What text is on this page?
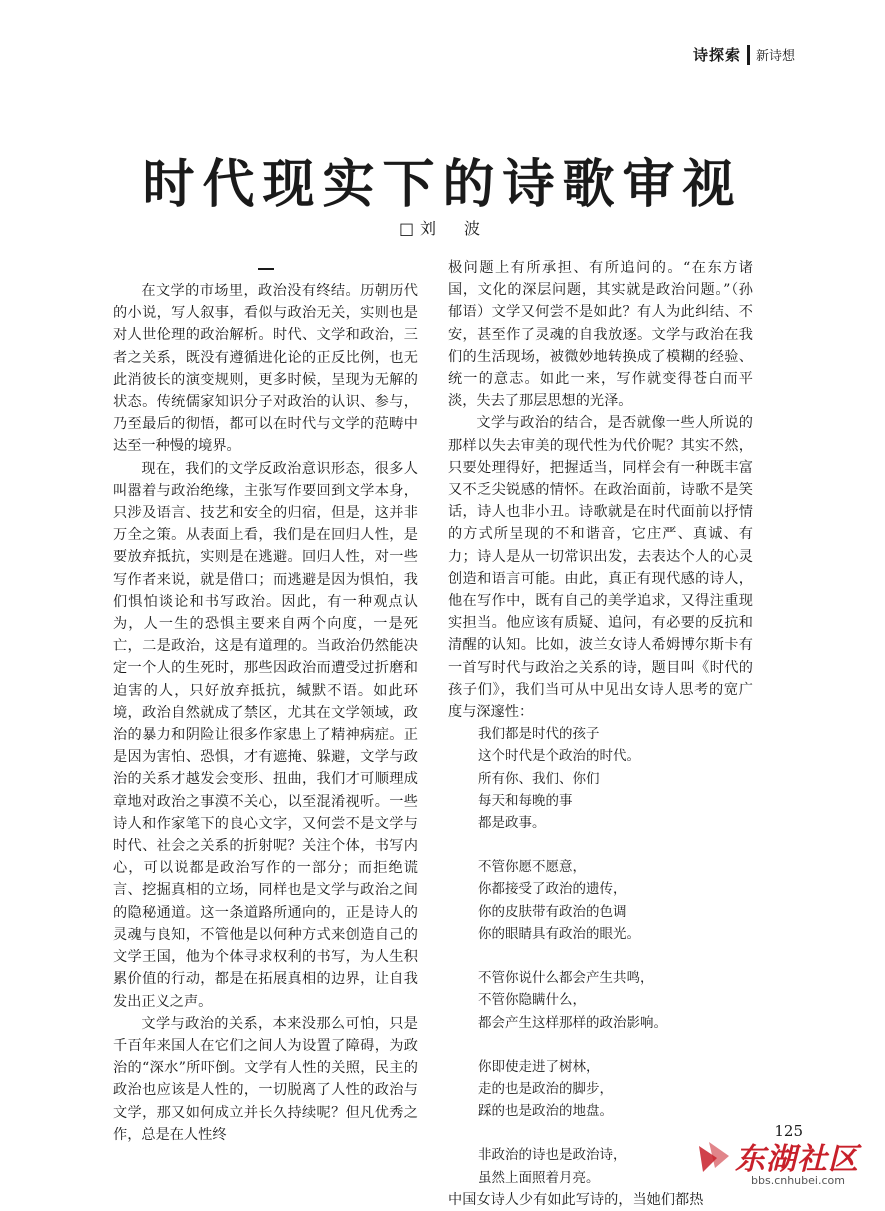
诗探索 新诗想
时代现实下的诗歌审视
□刘　波

在文学的市场里，政治没有终结。历朝历代的小说，写人叙事，看似与政治无关，实则也是对人世伦理的政治解析。时代、文学和政治，三者之关系，既没有遵循进化论的正反比例，也无此消彼长的演变规则，更多时候，呈现为无解的状态。传统儒家知识分子对政治的认识、参与，乃至最后的彻悟，都可以在时代与文学的范畴中达至一种慢的境界。

现在，我们的文学反政治意识形态，很多人叫嚣着与政治绝缘，主张写作要回到文学本身，只涉及语言、技艺和安全的归宿，但是，这并非万全之策。从表面上看，我们是在回归人性，是要放弃抵抗，实则是在逃避。回归人性，对一些写作者来说，就是借口；而逃避是因为惧怕，我们惧怕谈论和书写政治。因此，有一种观点认为，人一生的恐惧主要来自两个向度，一是死亡，二是政治，这是有道理的。当政治仍然能决定一个人的生死时，那些因政治而遭受过折磨和迫害的人，只好放弃抵抗，缄默不语。如此环境，政治自然就成了禁区，尤其在文学领域，政治的暴力和阴险让很多作家患上了精神病症。正是因为害怕、恐惧，才有遮掩、躲避，文学与政治的关系才越发会变形、扭曲，我们才可顺理成章地对政治之事漠不关心，以至混淆视听。一些诗人和作家笔下的良心文字，又何尝不是文学与时代、社会之关系的折射呢？关注个体，书写内心，可以说都是政治写作的一部分；而拒绝谎言、挖掘真相的立场，同样也是文学与政治之间的隐秘通道。这一条道路所通向的，正是诗人的灵魂与良知，不管他是以何种方式来创造自己的文学王国，他为个体寻求权利的书写，为人生积累价值的行动，都是在拓展真相的边界，让自我发出正义之声。

文学与政治的关系，本来没那么可怕，只是千百年来国人在它们之间人为设置了障碍，为政治的“深水”所吓倒。文学有人性的关照，民主的政治也应该是人性的，一切脱离了人性的政治与文学，那又如何成立并长久持续呢？但凡优秀之作，总是在人性终

极问题上有所承担、有所追问的。“在东方诸国，文化的深层问题，其实就是政治问题。”（孙郁语）文学又何尝不是如此？有人为此纠结、不安，甚至作了灵魂的自我放逐。文学与政治在我们的生活现场，被微妙地转换成了模糊的经验、统一的意志。如此一来，写作就变得苍白而平淡，失去了那层思想的光泽。

文学与政治的结合，是否就像一些人所说的那样以失去审美的现代性为代价呢？其实不然，只要处理得好，把握适当，同样会有一种既丰富又不乏尖锐感的情怀。在政治面前，诗歌不是笑话，诗人也非小丑。诗歌就是在时代面前以抒情的方式所呈现的不和谐音，它庄严、真诚、有力；诗人是从一切常识出发，去表达个人的心灵创造和语言可能。由此，真正有现代感的诗人，他在写作中，既有自己的美学追求，又得注重现实担当。他应该有质疑、追问，有必要的反抗和清醒的认知。比如，波兰女诗人希姆博尔斯卡有一首写时代与政治之关系的诗，题目叫《时代的孩子们》，我们当可从中见出女诗人思考的宽广度与深邃性：

我们都是时代的孩子
这个时代是个政治的时代。
所有你、我们、你们
每天和每晚的事
都是政事。
不管你愿不愿意，
你都接受了政治的遗传，
你的皮肤带有政治的色调
你的眼睛具有政治的眼光。
不管你说什么都会产生共鸣，
不管你隐瞒什么，
都会产生这样那样的政治影响。
你即使走进了树林，
走的也是政治的脚步，
踩的也是政治的地盘。
非政治的诗也是政治诗，
虽然上面照着月亮。

中国女诗人少有如此写诗的，当她们都热

125
东湖社区
bbs.cnhubei.com
